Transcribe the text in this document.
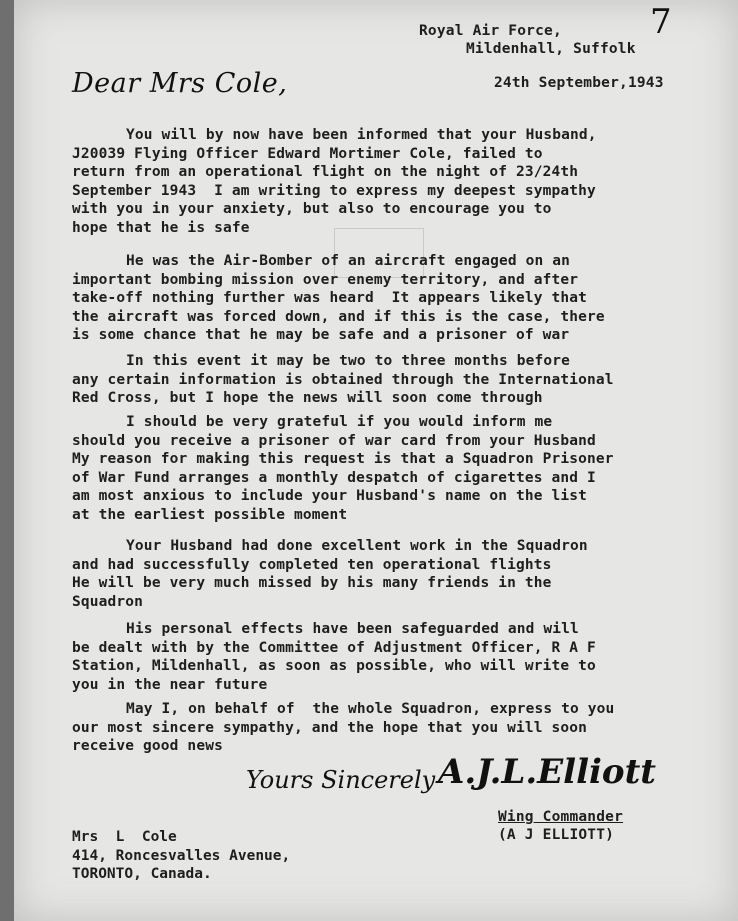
7
Royal Air Force,
Mildenhall, Suffolk
24th September,1943
Dear Mrs Cole,

You will by now have been informed that your Husband,
J20039 Flying Officer Edward Mortimer Cole, failed to
return from an operational flight on the night of 23/24th
September 1943  I am writing to express my deepest sympathy
with you in your anxiety, but also to encourage you to
hope that he is safe
He was the Air-Bomber of an aircraft engaged on an
important bombing mission over enemy territory, and after
take-off nothing further was heard  It appears likely that
the aircraft was forced down, and if this is the case, there
is some chance that he may be safe and a prisoner of war
In this event it may be two to three months before
any certain information is obtained through the International
Red Cross, but I hope the news will soon come through
I should be very grateful if you would inform me
should you receive a prisoner of war card from your Husband
My reason for making this request is that a Squadron Prisoner
of War Fund arranges a monthly despatch of cigarettes and I
am most anxious to include your Husband's name on the list
at the earliest possible moment
Your Husband had done excellent work in the Squadron
and had successfully completed ten operational flights
He will be very much missed by his many friends in the
Squadron
His personal effects have been safeguarded and will
be dealt with by the Committee of Adjustment Officer, R A F
Station, Mildenhall, as soon as possible, who will write to
you in the near future
May I, on behalf of  the whole Squadron, express to you
our most sincere sympathy, and the hope that you will soon
receive good news
Yours Sincerely A.J.L.Elliott
Wing Commander
(A J ELLIOTT)
Mrs  L  Cole
414, Roncesvalles Avenue,
TORONTO, Canada.
